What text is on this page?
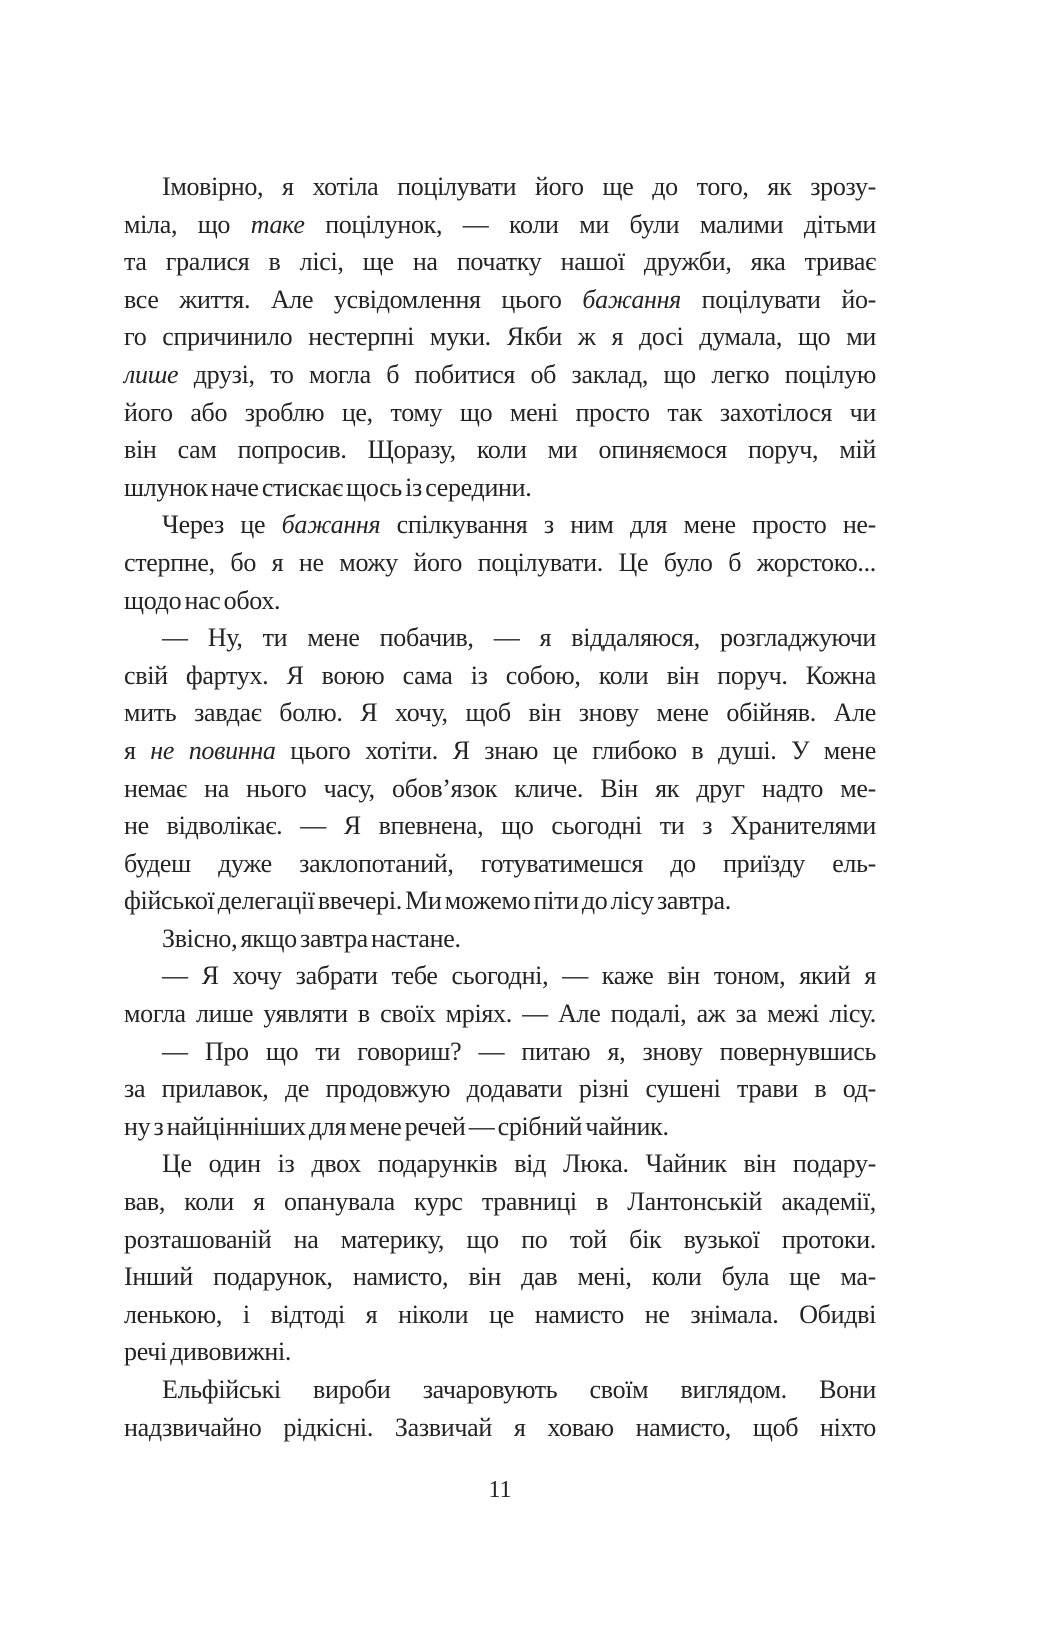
Імовірно, я хотіла поцілувати його ще до того, як зрозу-
міла, що таке поцілунок, — коли ми були малими дітьми
та гралися в лісі, ще на початку нашої дружби, яка триває
все життя. Але усвідомлення цього бажання поцілувати йо-
го спричинило нестерпні муки. Якби ж я досі думала, що ми
лише друзі, то могла б побитися об заклад, що легко поцілую
його або зроблю це, тому що мені просто так захотілося чи
він сам попросив. Щоразу, коли ми опиняємося поруч, мій
шлунок наче стискає щось із середини.
Через це бажання спілкування з ним для мене просто не-
стерпне, бо я не можу його поцілувати. Це було б жорстоко...
щодо нас обох.
— Ну, ти мене побачив, — я віддаляюся, розгладжуючи
свій фартух. Я воюю сама із собою, коли він поруч. Кожна
мить завдає болю. Я хочу, щоб він знову мене обійняв. Але
я не повинна цього хотіти. Я знаю це глибоко в душі. У мене
немає на нього часу, обов’язок кличе. Він як друг надто ме-
не відволікає. — Я впевнена, що сьогодні ти з Хранителями
будеш дуже заклопотаний, готуватимешся до приїзду ель-
фійської делегації ввечері. Ми можемо піти до лісу завтра.
Звісно, якщо завтра настане.
— Я хочу забрати тебе сьогодні, — каже він тоном, який я
могла лише уявляти в своїх мріях. — Але подалі, аж за межі лісу.
— Про що ти говориш? — питаю я, знову повернувшись
за прилавок, де продовжую додавати різні сушені трави в од-
ну з найцінніших для мене речей — срібний чайник.
Це один із двох подарунків від Люка. Чайник він подару-
вав, коли я опанувала курс травниці в Лантонській академії,
розташованій на материку, що по той бік вузької протоки.
Інший подарунок, намисто, він дав мені, коли була ще ма-
ленькою, і відтоді я ніколи це намисто не знімала. Обидві
речі дивовижні.
Ельфійські вироби зачаровують своїм виглядом. Вони
надзвичайно рідкісні. Зазвичай я ховаю намисто, щоб ніхто
11
